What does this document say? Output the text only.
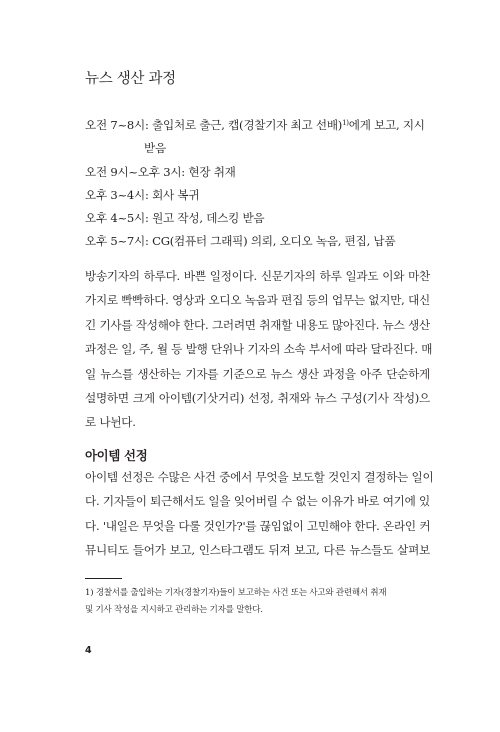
뉴스 생산 과정
오전 7~8시: 출입처로 출근, 캡(경찰기자 최고 선배)$^{1)}$에게 보고, 지시
받음
오전 9시~오후 3시: 현장 취재
오후 3~4시: 회사 복귀
오후 4~5시: 원고 작성, 데스킹 받음
오후 5~7시: CG(컴퓨터 그래픽) 의뢰, 오디오 녹음, 편집, 납품

방송기자의 하루다. 바쁜 일정이다. 신문기자의 하루 일과도 이와 마찬
가지로 빡빡하다. 영상과 오디오 녹음과 편집 등의 업무는 없지만, 대신
긴 기사를 작성해야 한다. 그러려면 취재할 내용도 많아진다. 뉴스 생산
과정은 일, 주, 월 등 발행 단위나 기자의 소속 부서에 따라 달라진다. 매
일 뉴스를 생산하는 기자를 기준으로 뉴스 생산 과정을 아주 단순하게
설명하면 크게 아이템(기삿거리) 선정, 취재와 뉴스 구성(기사 작성)으
로 나뉜다.

아이템 선정

아이템 선정은 수많은 사건 중에서 무엇을 보도할 것인지 결정하는 일이
다. 기자들이 퇴근해서도 일을 잊어버릴 수 없는 이유가 바로 여기에 있
다. '내일은 무엇을 다룰 것인가?'를 끊임없이 고민해야 한다. 온라인 커
뮤니티도 들어가 보고, 인스타그램도 뒤져 보고, 다른 뉴스들도 살펴보

1) 경찰서를 출입하는 기자(경찰기자)들이 보고하는 사건 또는 사고와 관련해서 취재
및 기사 작성을 지시하고 관리하는 기자를 말한다.

4
